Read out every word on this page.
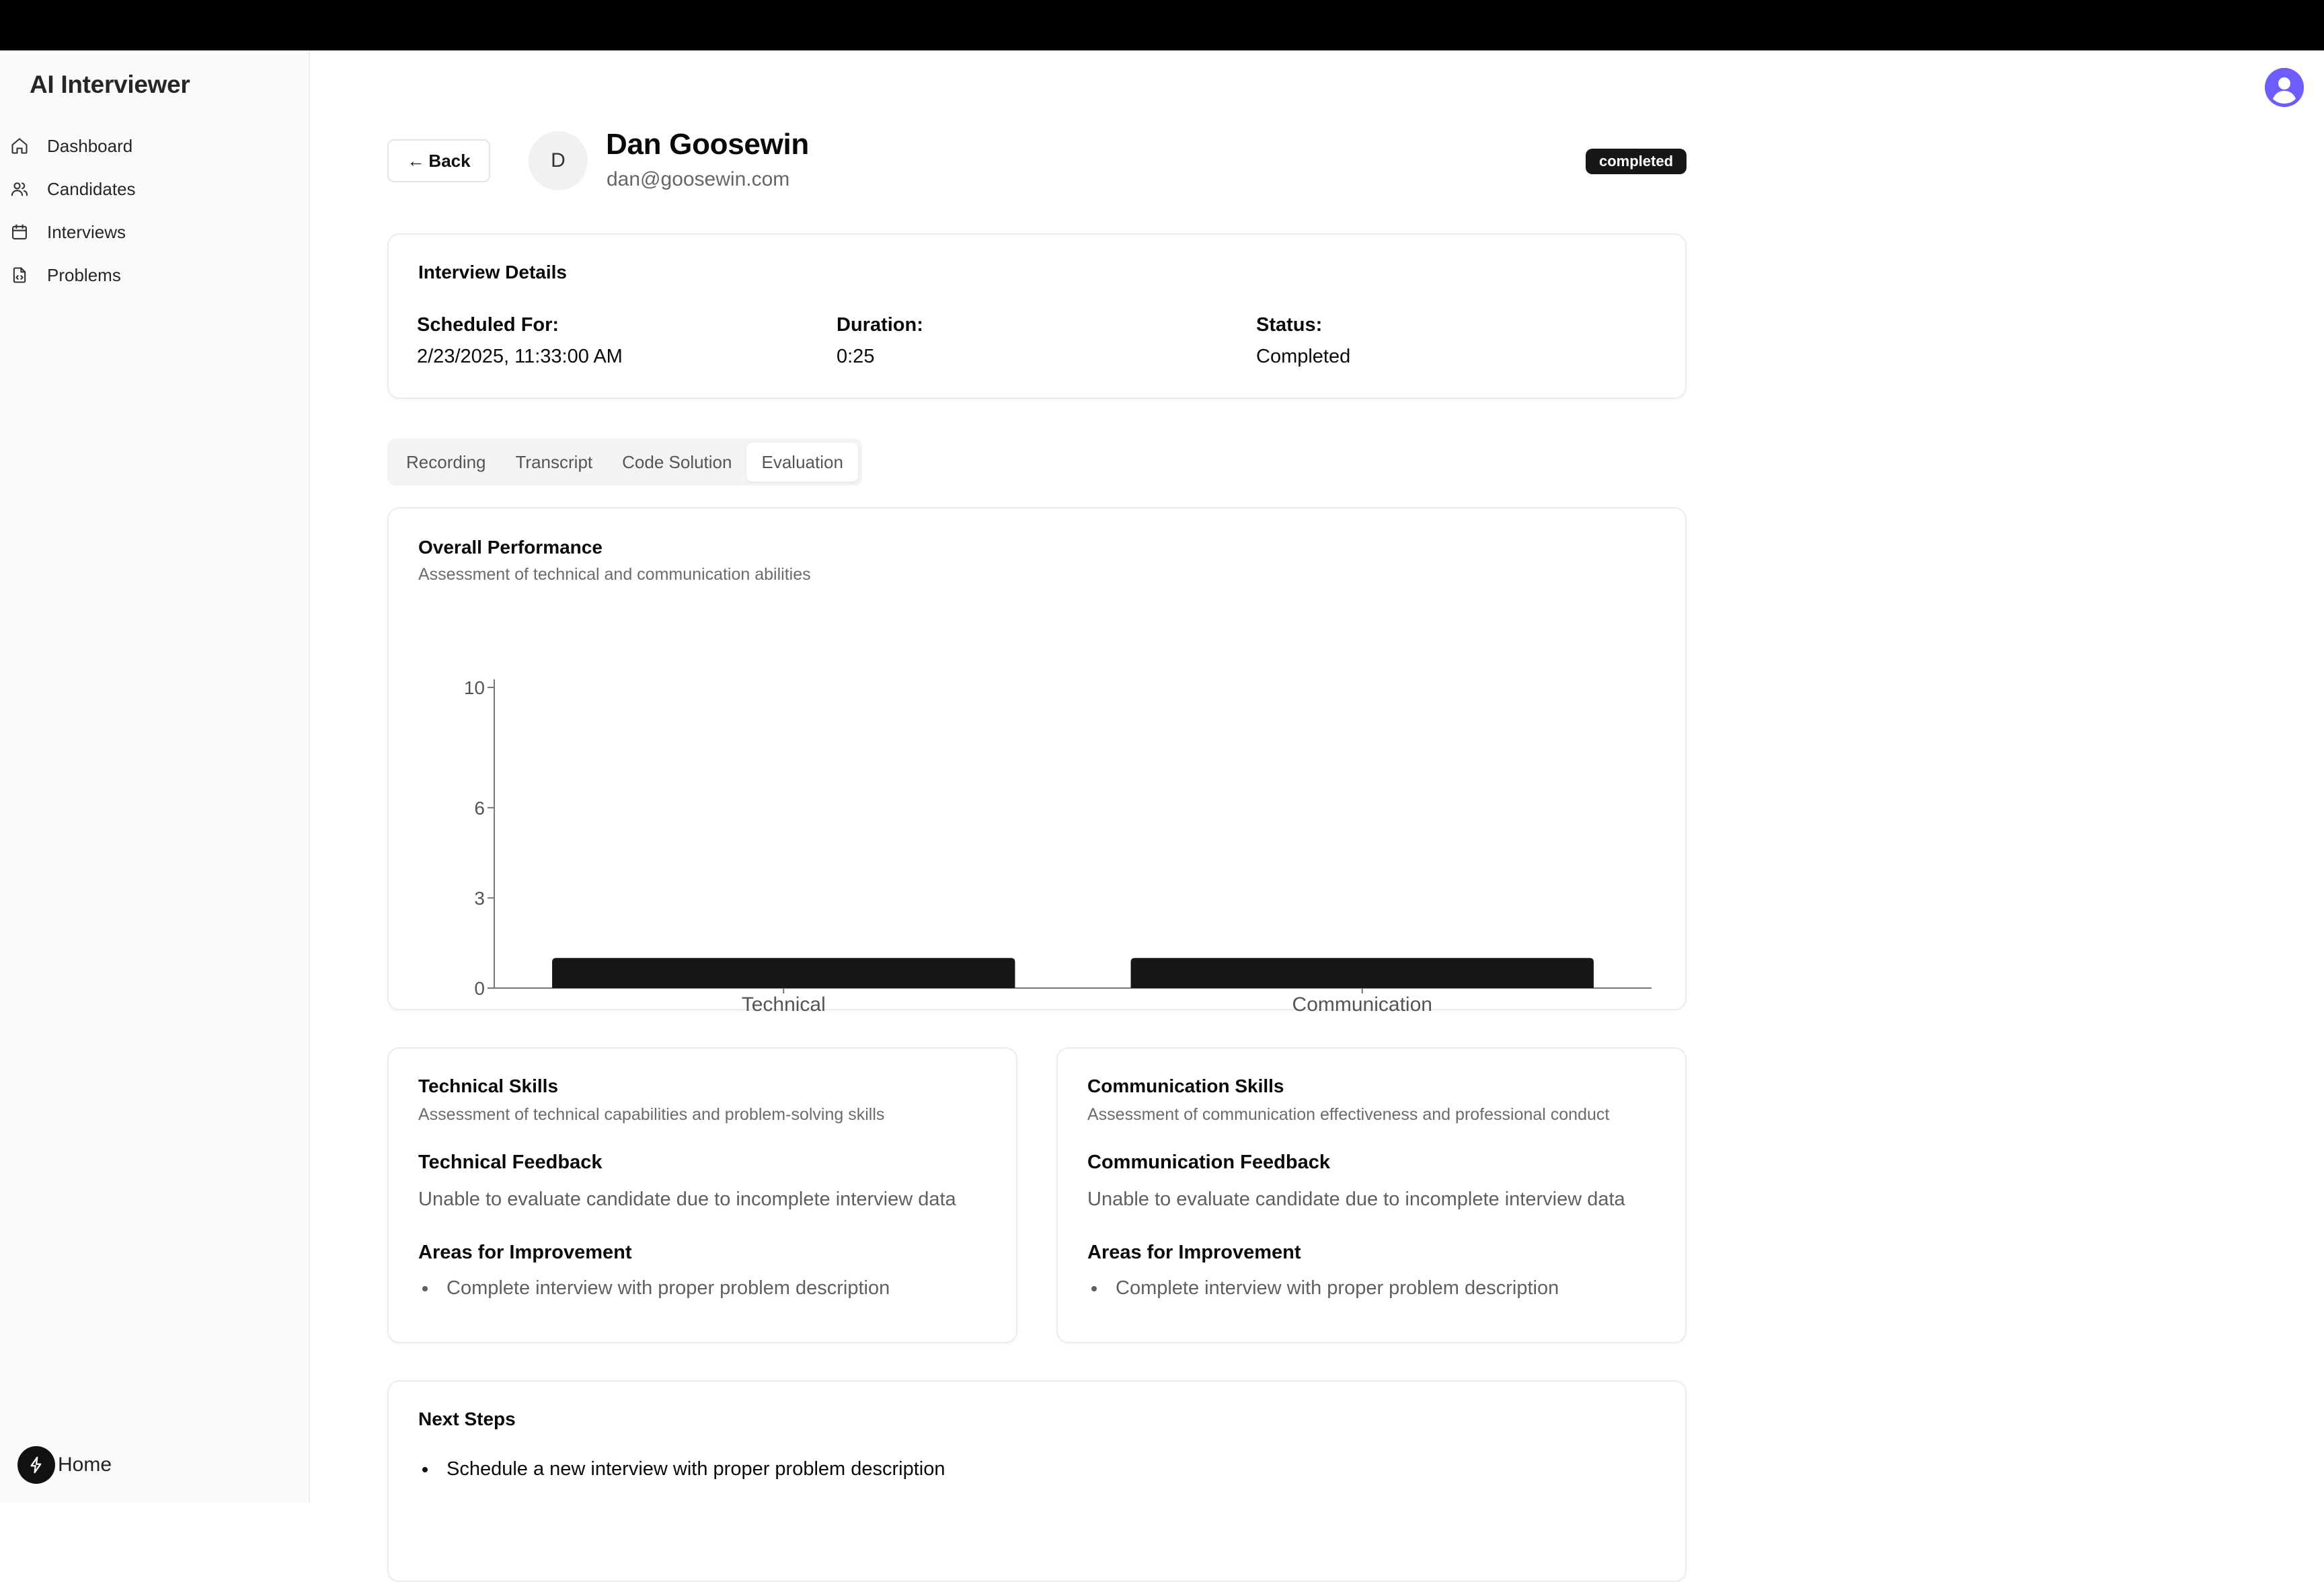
AI Interviewer
Dashboard
Candidates
Interviews
Problems
Home
← Back	D	Dan Goosewin
dan@goosewin.com
completed
Interview Details
Scheduled For:
2/23/2025, 11:33:00 AM
Duration:
0:25
Status:
Completed
Recording	Transcript	Code Solution	Evaluation
Overall Performance
Assessment of technical and communication abilities
0
3
6
10
Technical	Communication
Technical Skills
Assessment of technical capabilities and problem-solving skills
Technical Feedback
Unable to evaluate candidate due to incomplete interview data
Areas for Improvement
Complete interview with proper problem description
Communication Skills
Assessment of communication effectiveness and professional conduct
Communication Feedback
Unable to evaluate candidate due to incomplete interview data
Areas for Improvement
Complete interview with proper problem description
Next Steps
Schedule a new interview with proper problem description
